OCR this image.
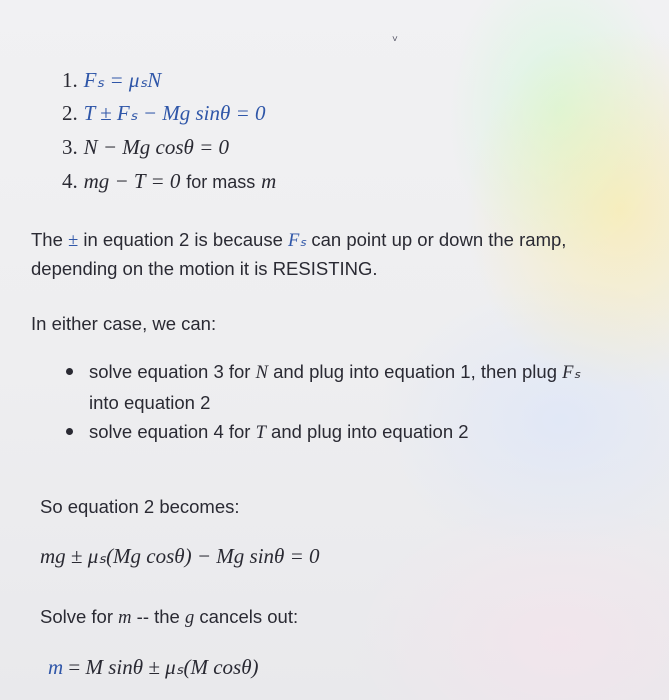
˅
1. Fₛ = μₛN
2. T ± Fₛ − Mg sinθ = 0
3. N − Mg cosθ = 0
4. mg − T = 0 for mass m
The ± in equation 2 is because Fₛ can point up or down the ramp,
depending on the motion it is RESISTING.
In either case, we can:
solve equation 3 for N and plug into equation 1, then plug Fₛ
into equation 2
solve equation 4 for T and plug into equation 2
So equation 2 becomes:
mg ± μₛ(Mg cosθ) − Mg sinθ = 0
Solve for m -- the g cancels out:
m = M sinθ ± μₛ(M cosθ)
